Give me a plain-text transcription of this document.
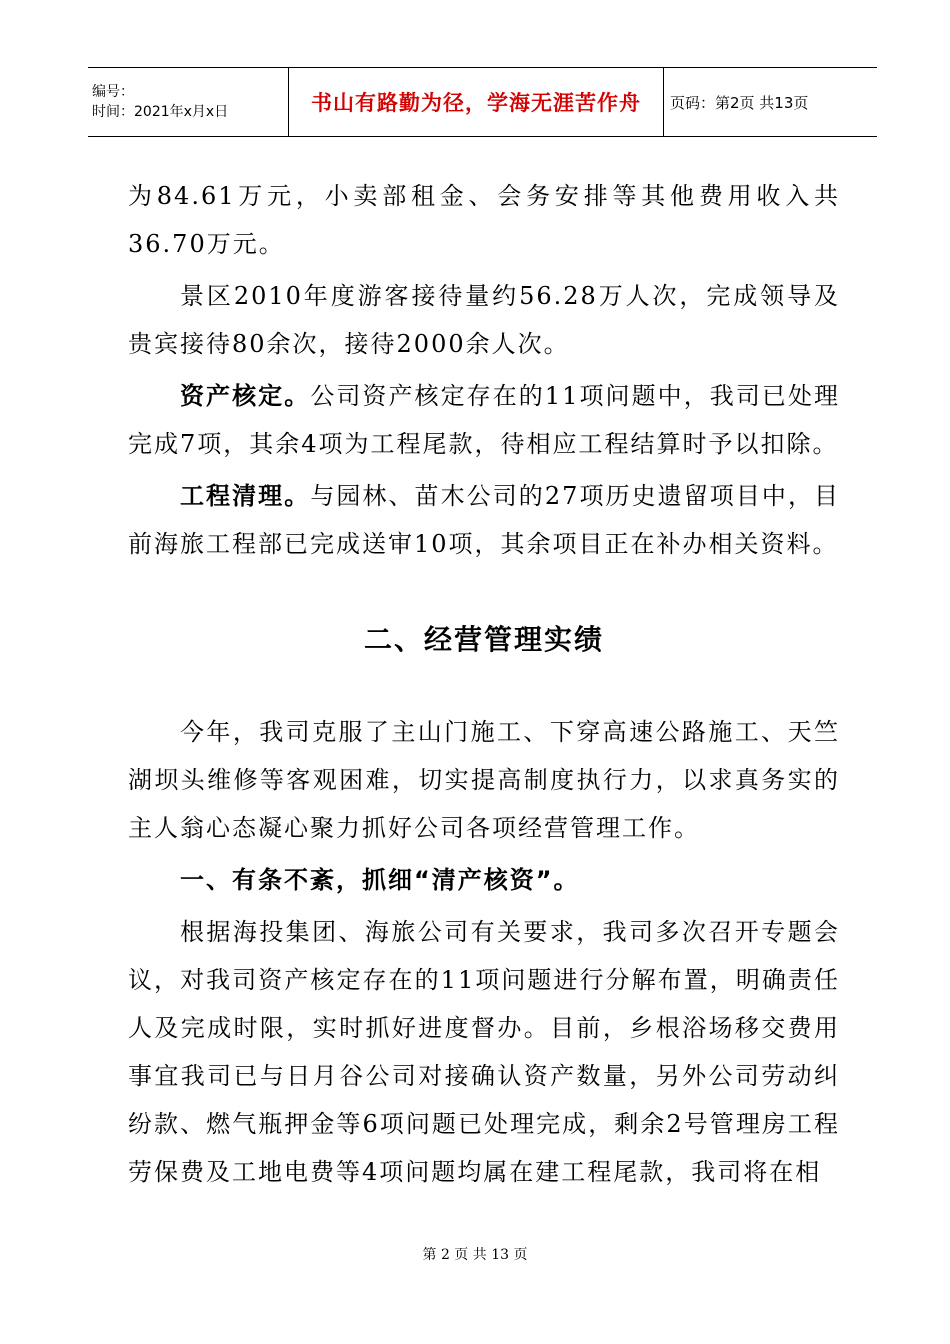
编号：
时间：2021年x月x日	书山有路勤为径，学海无涯苦作舟 页码：第2页 共13页

为84.61万元，小卖部租金、会务安排等其他费用收入共36.70万元。

景区2010年度游客接待量约56.28万人次，完成领导及贵宾接待80余次，接待2000余人次。

资产核定。公司资产核定存在的11项问题中，我司已处理完成7项，其余4项为工程尾款，待相应工程结算时予以扣除。

工程清理。与园林、苗木公司的27项历史遗留项目中，目前海旅工程部已完成送审10项，其余项目正在补办相关资料。

二、经营管理实绩

今年，我司克服了主山门施工、下穿高速公路施工、天竺湖坝头维修等客观困难，切实提高制度执行力，以求真务实的主人翁心态凝心聚力抓好公司各项经营管理工作。

一、有条不紊，抓细“清产核资”。

根据海投集团、海旅公司有关要求，我司多次召开专题会议，对我司资产核定存在的11项问题进行分解布置，明确责任人及完成时限，实时抓好进度督办。目前，乡根浴场移交费用事宜我司已与日月谷公司对接确认资产数量，另外公司劳动纠纷款、燃气瓶押金等6项问题已处理完成，剩余2号管理房工程劳保费及工地电费等4项问题均属在建工程尾款，我司将在相

第 2 页 共 13 页
